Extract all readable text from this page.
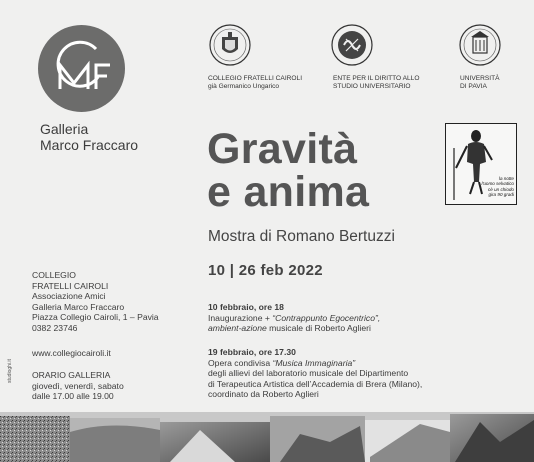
Galleria
Marco Fraccaro
COLLEGIO FRATELLI CAIROLI
già Germanico Ungarico
ENTE PER IL DIRITTO ALLO
STUDIO UNIVERSITARIO
UNIVERSITÀ
DI PAVIA
Gravità
e anima
Mostra di Romano Bertuzzi
10 | 26 feb 2022
la notte
l'uomo selvatico
cè un chiodo gira 90 gradi
10 febbraio, ore 18
Inaugurazione + “Contrappunto Egocentrico”,
ambient-azione musicale di Roberto Aglieri
19 febbraio, ore 17.30
Opera condivisa “Musica Immaginaria”
degli allievi del laboratorio musicale del Dipartimento
di Terapeutica Artistica dell’Accademia di Brera (Milano),
coordinato da Roberto Aglieri
COLLEGIO
FRATELLI CAIROLI
Associazione Amici
Galleria Marco Fraccaro
Piazza Collegio Cairoli, 1 – Pavia
0382 23746
www.collegiocairoli.it
ORARIO GALLERIA
giovedì, venerdì, sabato
dalle 17.00 alle 19.00
studioghi.it
